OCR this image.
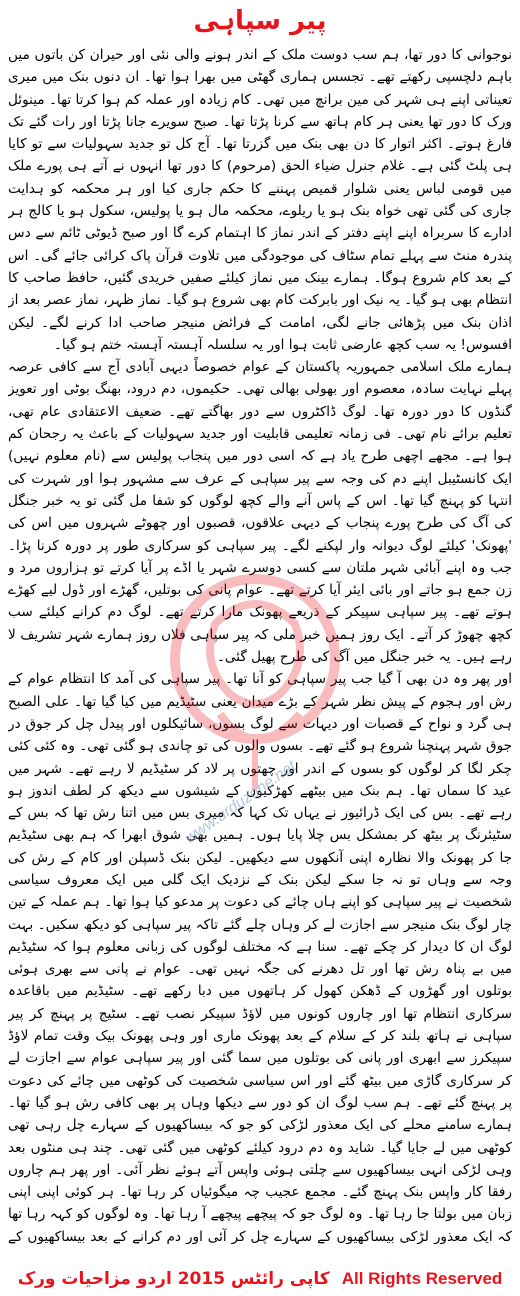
پیر سپاہی

نوجوانی کا دور تھا، ہم سب دوست ملک کے اندر ہونے والی نئی اور حیران کن باتوں میں باہم دلچسپی رکھتے تھے۔ تجسس ہماری گھٹی میں بھرا ہوا تھا۔ ان دنوں بنک میں میری تعیناتی اپنے ہی شہر کی مین برانچ میں تھی۔ کام زیادہ اور عملہ کم ہوا کرتا تھا۔ مینوئل ورک کا دور تھا یعنی ہر کام ہاتھ سے کرنا پڑتا تھا۔ صبح سویرے جانا پڑتا اور رات گئے تک فارغ ہوتے۔ اکثر اتوار کا دن بھی بنک میں گزرتا تھا۔ آج کل تو جدید سہولیات سے تو کایا ہی پلٹ گئی ہے۔ غلام جنرل ضیاء الحق (مرحوم) کا دور تھا انہوں نے آتے ہی پورے ملک میں قومی لباس یعنی شلوار قمیص پہننے کا حکم جاری کیا اور ہر محکمہ کو ہدایت جاری کی گئی تھی خواہ بنک ہو یا ریلوے، محکمہ مال ہو یا پولیس، سکول ہو یا کالج ہر ادارے کا سربراہ اپنے اپنے دفتر کے اندر نماز کا اہتمام کرے گا اور صبح ڈیوٹی ٹائم سے دس پندرہ منٹ سے پہلے تمام سٹاف کی موجودگی میں تلاوت قرآن پاک کرائی جائے گی۔ اس کے بعد کام شروع ہوگا۔ ہمارے بینک میں نماز کیلئے صفیں خریدی گئیں، حافظ صاحب کا انتظام بھی ہو گیا۔ یہ نیک اور بابرکت کام بھی شروع ہو گیا۔ نماز ظہر، نماز عصر بعد از اذان بنک میں پڑھائی جانے لگی، امامت کے فرائض منیجر صاحب ادا کرنے لگے۔ لیکن افسوس! یہ سب کچھ عارضی ثابت ہوا اور یہ سلسلہ آہستہ آہستہ ختم ہو گیا۔

ہمارے ملک اسلامی جمہوریہ پاکستان کے عوام خصوصاً دیہی آبادی آج سے کافی عرصہ پہلے نہایت سادہ، معصوم اور بھولی بھالی تھی۔ حکیموں، دم درود، بھنگ بوٹی اور تعویز گنڈوں کا دور دورہ تھا۔ لوگ ڈاکٹروں سے دور بھاگتے تھے۔ ضعیف الاعتقادی عام تھی، تعلیم برائے نام تھی۔ فی زمانہ تعلیمی قابلیت اور جدید سہولیات کے باعث یہ رجحان کم ہوا ہے۔ مجھے اچھی طرح یاد ہے کہ اسی دور میں پنجاب پولیس سے (نام معلوم نہیں) ایک کانسٹیبل اپنے دم کی وجہ سے پیر سپاہی کے عرف سے مشہور ہوا اور شہرت کی انتہا کو پہنچ گیا تھا۔ اس کے پاس آنے والے کچھ لوگوں کو شفا مل گئی تو یہ خبر جنگل کی آگ کی طرح پورے پنجاب کے دیہی علاقوں، قصبوں اور چھوٹے شہروں میں اس کی 'پھونک' کیلئے لوگ دیوانہ وار لپکنے لگے۔ پیر سپاہی کو سرکاری طور پر دورہ کرنا پڑا۔ جب وہ اپنے آبائی شہر ملتان سے کسی دوسرے شہر یا اڈے پر آیا کرتے تو ہزاروں مرد و زن جمع ہو جاتے اور بائی ایئر آیا کرتے تھے۔ عوام پانی کی بوتلیں، گھڑے اور ڈول لیے کھڑے ہوتے تھے۔ پیر سپاہی سپیکر کے ذریعے پھونک مارا کرتے تھے۔ لوگ دم کرانے کیلئے سب کچھ چھوڑ کر آتے۔ ایک روز ہمیں خبر ملی کہ پیر سپاہی فلاں روز ہمارے شہر تشریف لا رہے ہیں۔ یہ خبر جنگل میں آگ کی طرح پھیل گئی۔

اور پھر وہ دن بھی آ گیا جب پیر سپاہی کو آنا تھا۔ پیر سپاہی کی آمد کا انتظام عوام کے رش اور ہجوم کے پیش نظر شہر کے بڑے میدان یعنی سٹیڈیم میں کیا گیا تھا۔ علی الصبح ہی گرد و نواح کے قصبات اور دیہات سے لوگ بسوں، سائیکلوں اور پیدل چل کر جوق در جوق شہر پہنچنا شروع ہو گئے تھے۔ بسوں والوں کی تو چاندی ہو گئی تھی۔ وہ کئی کئی چکر لگا کر لوگوں کو بسوں کے اندر اور چھتوں پر لاد کر سٹیڈیم لا رہے تھے۔ شہر میں عید کا سماں تھا۔ ہم بنک میں بیٹھے کھڑکیوں کے شیشوں سے دیکھ کر لطف اندوز ہو رہے تھے۔ بس کی ایک ڈرائیور نے یہاں تک کہا کہ میری بس میں اتنا رش تھا کہ بس کے سٹیئرنگ پر بیٹھ کر بمشکل بس چلا پایا ہوں۔ ہمیں بھی شوق ابھرا کہ ہم بھی سٹیڈیم جا کر پھونک والا نظارہ اپنی آنکھوں سے دیکھیں۔ لیکن بنک ڈسپلن اور کام کے رش کی وجہ سے وہاں تو نہ جا سکے لیکن بنک کے نزدیک ایک گلی میں ایک معروف سیاسی شخصیت نے پیر سپاہی کو اپنے ہاں چائے کی دعوت پر مدعو کیا ہوا تھا۔ ہم عملہ کے تین چار لوگ بنک منیجر سے اجازت لے کر وہاں چلے گئے تاکہ پیر سپاہی کو دیکھ سکیں۔ بہت لوگ ان کا دیدار کر چکے تھے۔ سنا ہے کہ مختلف لوگوں کی زبانی معلوم ہوا کہ سٹیڈیم میں بے پناہ رش تھا اور تل دھرنے کی جگہ نہیں تھی۔ عوام نے پانی سے بھری ہوئی بوتلوں اور گھڑوں کے ڈھکن کھول کر ہاتھوں میں دبا رکھے تھے۔ سٹیڈیم میں باقاعدہ سرکاری انتظام تھا اور چاروں کونوں میں لاؤڈ سپیکر نصب تھے۔ سٹیج پر پہنچ کر پیر سپاہی نے ہاتھ بلند کر کے سلام کے بعد پھونک ماری اور وہی پھونک بیک وقت تمام لاؤڈ سپیکرز سے ابھری اور پانی کی بوتلوں میں سما گئی اور پیر سپاہی عوام سے اجازت لے کر سرکاری گاڑی میں بیٹھ گئے اور اس سیاسی شخصیت کی کوٹھی میں چائے کی دعوت پر پہنچ گئے تھے۔ ہم سب لوگ ان کو دور سے دیکھا وہاں پر بھی کافی رش ہو گیا تھا۔ ہمارے سامنے محلے کی ایک معذور لڑکی کو جو کہ بیساکھیوں کے سہارے چل رہی تھی کوٹھی میں لے جایا گیا۔ شاید وہ دم درود کیلئے کوٹھی میں گئی تھی۔ چند ہی منٹوں بعد وہی لڑکی انہی بیساکھیوں سے چلتی ہوئی واپس آتے ہوئے نظر آئی۔ اور پھر ہم چاروں رفقا کار واپس بنک پہنچ گئے۔ مجمع عجیب چہ میگوئیاں کر رہا تھا۔ ہر کوئی اپنی اپنی زبان میں بولتا جا رہا تھا۔ وہ لوگ جو کہ پیچھے پیچھے آ رہا تھا۔ وہ لوگوں کو کہہ رہا تھا کہ ایک معذور لڑکی بیساکھیوں کے سہارے چل کر آئی اور دم کرانے کے بعد بیساکھیوں کے

www.urduzone.net
کاپی رائٹس 2015 اردو مزاحیات ورک All Rights Reserved
